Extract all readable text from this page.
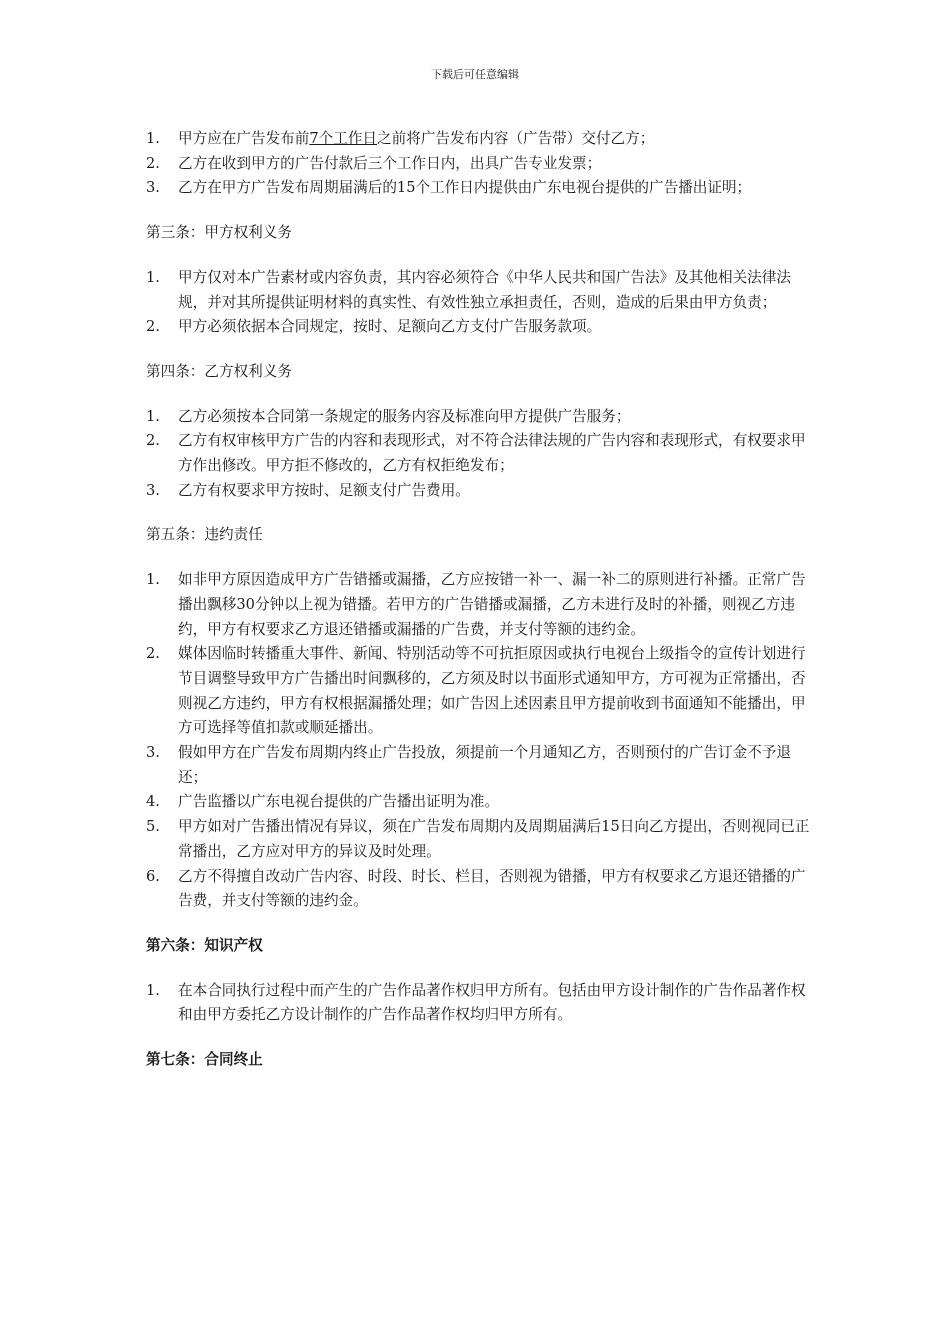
下载后可任意编辑
1. 甲方应在广告发布前7个工作日之前将广告发布内容（广告带）交付乙方；
2. 乙方在收到甲方的广告付款后三个工作日内，出具广告专业发票；
3. 乙方在甲方广告发布周期届满后的15个工作日内提供由广东电视台提供的广告播出证明；
第三条：甲方权利义务
1. 甲方仅对本广告素材或内容负责，其内容必须符合《中华人民共和国广告法》及其他相关法律法规，并对其所提供证明材料的真实性、有效性独立承担责任，否则，造成的后果由甲方负责；
2. 甲方必须依据本合同规定，按时、足额向乙方支付广告服务款项。
第四条：乙方权利义务
1. 乙方必须按本合同第一条规定的服务内容及标准向甲方提供广告服务；
2. 乙方有权审核甲方广告的内容和表现形式，对不符合法律法规的广告内容和表现形式，有权要求甲方作出修改。甲方拒不修改的，乙方有权拒绝发布；
3. 乙方有权要求甲方按时、足额支付广告费用。
第五条：违约责任
1. 如非甲方原因造成甲方广告错播或漏播，乙方应按错一补一、漏一补二的原则进行补播。正常广告播出飘移30分钟以上视为错播。若甲方的广告错播或漏播，乙方未进行及时的补播，则视乙方违约，甲方有权要求乙方退还错播或漏播的广告费，并支付等额的违约金。
2. 媒体因临时转播重大事件、新闻、特别活动等不可抗拒原因或执行电视台上级指令的宣传计划进行节目调整导致甲方广告播出时间飘移的，乙方须及时以书面形式通知甲方，方可视为正常播出，否则视乙方违约，甲方有权根据漏播处理；如广告因上述因素且甲方提前收到书面通知不能播出，甲方可选择等值扣款或顺延播出。
3. 假如甲方在广告发布周期内终止广告投放，须提前一个月通知乙方，否则预付的广告订金不予退还；
4. 广告监播以广东电视台提供的广告播出证明为准。
5. 甲方如对广告播出情况有异议，须在广告发布周期内及周期届满后15日向乙方提出，否则视同已正常播出，乙方应对甲方的异议及时处理。
6. 乙方不得擅自改动广告内容、时段、时长、栏目，否则视为错播，甲方有权要求乙方退还错播的广告费，并支付等额的违约金。
第六条：知识产权
1. 在本合同执行过程中而产生的广告作品著作权归甲方所有。包括由甲方设计制作的广告作品著作权和由甲方委托乙方设计制作的广告作品著作权均归甲方所有。
第七条：合同终止
